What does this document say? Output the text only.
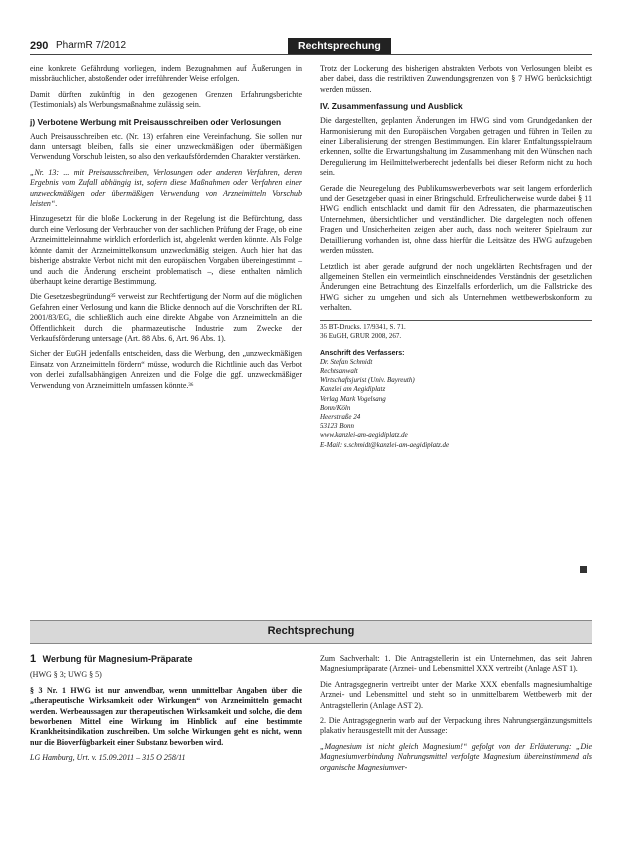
290 PharmR 7/2012	Rechtsprechung

eine konkrete Gefährdung vorliegen, indem Bezugnahmen auf Äußerungen in missbräuchlicher, abstoßender oder irreführender Weise erfolgen.

Damit dürften zukünftig in den gezogenen Grenzen Erfahrungsberichte (Testimonials) als Werbungsmaßnahme zulässig sein.

j) Verbotene Werbung mit Preisausschreiben oder Verlosungen

Auch Preisausschreiben etc. (Nr. 13) erfahren eine Vereinfachung. Sie sollen nur dann untersagt bleiben, falls sie einer unzweckmäßigen oder übermäßigen Verwendung Vorschub leisten, so also den verkaufsfördernden Charakter verstärken.

„Nr. 13: ... mit Preisausschreiben, Verlosungen oder anderen Verfahren, deren Ergebnis vom Zufall abhängig ist, sofern diese Maßnahmen oder Verfahren einer unzweckmäßigen oder übermäßigen Verwendung von Arzneimitteln Vorschub leisten“.

Hinzugesetzt für die bloße Lockerung in der Regelung ist die Befürchtung, dass durch eine Verlosung der Verbraucher von der sachlichen Prüfung der Frage, ob eine Arzneimitteleinnahme wirklich erforderlich ist, abgelenkt werden könnte. Als Folge könnte damit der Arzneimittelkonsum unzweckmäßig steigen. Auch hier hat das bisherige abstrakte Verbot nicht mit den europäischen Vorgaben übereingestimmt – und auch die Änderung erscheint problematisch –, diese enthalten nämlich überhaupt keine derartige Bestimmung.

Die Gesetzesbegründung³⁵ verweist zur Rechtfertigung der Norm auf die möglichen Gefahren einer Verlosung und kann die Blicke dennoch auf die Vorschriften der RL 2001/83/EG, die schließlich auch eine direkte Abgabe von Arzneimitteln an die Öffentlichkeit durch die pharmazeutische Industrie zum Zwecke der Verkaufsförderung untersage (Art. 88 Abs. 6, Art. 96 Abs. 1).

Sicher der EuGH jedenfalls entscheiden, dass die Werbung, den „unzweckmäßigen Einsatz von Arzneimitteln fördern“ müsse, wodurch die Richtlinie auch das Verbot von derlei zufallsabhängigen Anreizen und die Folge die ggf. unzweckmäßiger Verwendung von Arzneimitteln umfassen könnte.³⁶

Trotz der Lockerung des bisherigen abstrakten Verbots von Verlosungen bleibt es aber dabei, dass die restriktiven Zuwendungsgrenzen von § 7 HWG berücksichtigt werden müssen.

IV. Zusammenfassung und Ausblick

Die dargestellten, geplanten Änderungen im HWG sind vom Grundgedanken der Harmonisierung mit den Europäischen Vorgaben getragen und führen in Teilen zu einer Liberalisierung der strengen Bestimmungen. Ein klarer Entfaltungsspielraum erkennen, sollte die Erwartungshaltung im Zusammenhang mit den Wünschen nach Deregulierung im Heilmittelwerberecht jedenfalls bei dieser Reform nicht zu hoch sein.

Gerade die Neuregelung des Publikumswerbeverbots war seit langem erforderlich und der Gesetzgeber quasi in einer Bringschuld. Erfreulicherweise wurde dabei § 11 HWG endlich entschlackt und damit für den Adressaten, die pharmazeutischen Unternehmen, übersichtlicher und verständlicher. Die dargelegten noch offenen Fragen und Unsicherheiten zeigen aber auch, dass noch weiterer Spielraum zur Detaillierung vorhanden ist, ohne dass hierfür die Leitsätze des HWG aufzugeben werden müssten.

Letztlich ist aber gerade aufgrund der noch ungeklärten Rechtsfragen und der allgemeinen Stellen ein vermeintlich einschneidendes Verständnis der gesetzlichen Änderungen eine Betrachtung des Einzelfalls erforderlich, um die Fallstricke des HWG sicher zu umgehen und sich als Unternehmen wettbewerbskonform zu verhalten.

35 BT-Drucks. 17/9341, S. 71.
36 EuGH, GRUR 2008, 267.
Anschrift des Verfassers:
Dr. Stefan Schmidt
Rechtsanwalt
Wirtschaftsjurist (Univ. Bayreuth)
Kanzlei am Aegidiplatz
Verlag Mark Vogelsang
Bonn/Köln
Heerstraße 24
53123 Bonn
www.kanzlei-am-aegidiplatz.de
E-Mail: s.schmidt@kanzlei-am-aegidiplatz.de
Rechtsprechung
1 Werbung für Magnesium-Präparate

(HWG § 3; UWG § 5)

§ 3 Nr. 1 HWG ist nur anwendbar, wenn unmittelbar Angaben über die „therapeutische Wirksamkeit oder Wirkungen“ von Arzneimitteln gemacht werden. Werbeaussagen zur therapeutischen Wirksamkeit und solche, die dem beworbenen Mittel eine Wirkung im Hinblick auf eine bestimmte Krankheitsindikation zuschreiben. Um solche Wirkungen geht es nicht, wenn nur die Bioverfügbarkeit einer Substanz beworben wird.

LG Hamburg, Urt. v. 15.09.2011 – 315 O 258/11

Zum Sachverhalt: 1. Die Antragstellerin ist ein Unternehmen, das seit Jahren Magnesiumpräparate (Arznei- und Lebensmittel XXX vertreibt (Anlage AST 1).

Die Antragsgegnerin vertreibt unter der Marke XXX ebenfalls magnesiumhaltige Arznei- und Lebensmittel und steht so in unmittelbarem Wettbewerb mit der Antragstellerin (Anlage AST 2).

2. Die Antragsgegnerin warb auf der Verpackung ihres Nahrungsergänzungsmittels plakativ herausgestellt mit der Aussage:

„Magnesium ist nicht gleich Magnesium!“ gefolgt von der Erläuterung: „Die Magnesiumverbindung Nahrungsmittel verfolgte Magnesium übereinstimmend als organische Magnesiumver-
